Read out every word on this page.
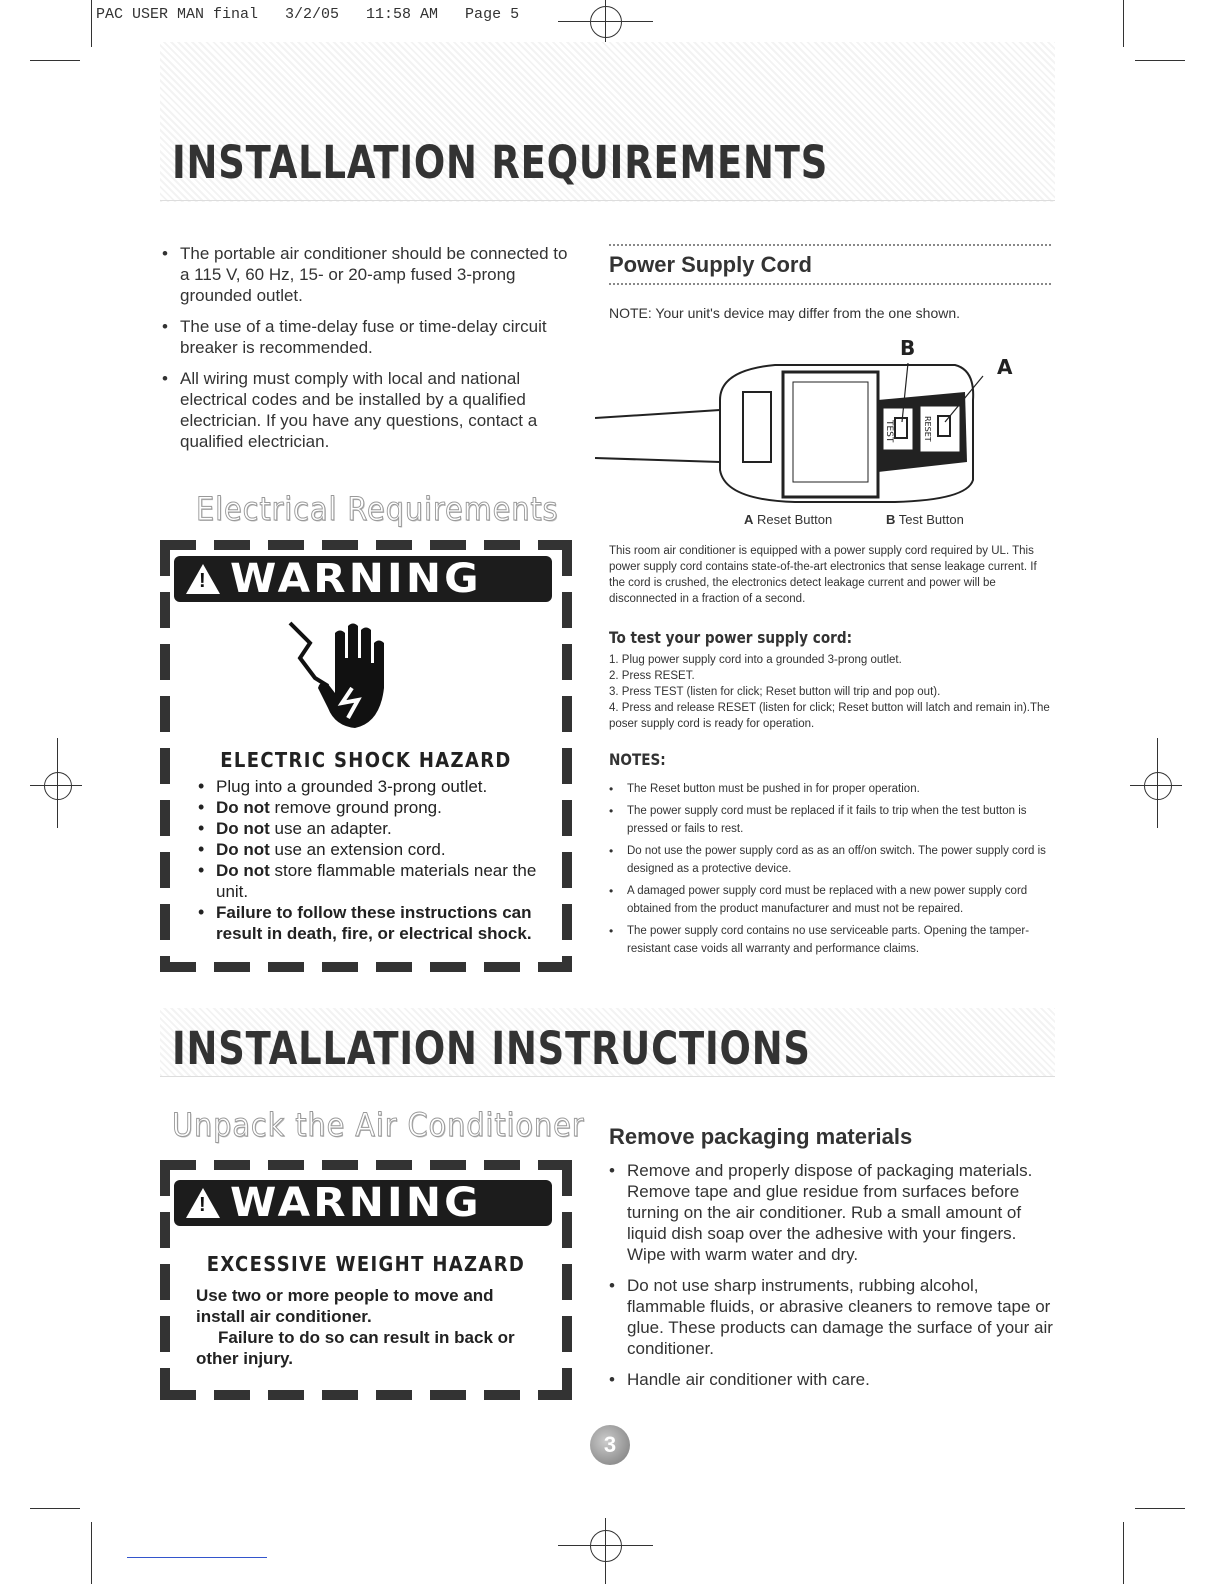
PAC USER MAN final   3/2/05   11:58 AM   Page 5
INSTALLATION REQUIREMENTS
• The portable air conditioner should be connected to a 115 V, 60 Hz, 15- or 20-amp fused 3-prong grounded outlet.
• The use of a time-delay fuse or time-delay circuit breaker is recommended.
• All wiring must comply with local and national electrical codes and be installed by a qualified electrician. If you have any questions, contact a qualified electrician.
Electrical Requirements
! WARNING
ELECTRIC SHOCK HAZARD
• Plug into a grounded 3-prong outlet.
• Do not remove ground prong.
• Do not use an adapter.
• Do not use an extension cord.
• Do not store flammable materials near the unit.
• Failure to follow these instructions can result in death, fire, or electrical shock.
Power Supply Cord
NOTE: Your unit's device may differ from the one shown.
TEST	RESET
B
A
A Reset Button	B Test Button
This room air conditioner is equipped with a power supply cord required by UL. This power supply cord contains state-of-the-art electronics that sense leakage current. If the cord is crushed, the electronics detect leakage current and power will be disconnected in a fraction of a second.
To test your power supply cord:
1. Plug power supply cord into a grounded 3-prong outlet.
2. Press RESET.
3. Press TEST (listen for click; Reset button will trip and pop out).
4. Press and release RESET (listen for click; Reset button will latch and remain in).The poser supply cord is ready for operation.
NOTES:
• The Reset button must be pushed in for proper operation.
• The power supply cord must be replaced if it fails to trip when the test button is pressed or fails to rest.
• Do not use the power supply cord as as an off/on switch. The power supply cord is designed as a protective device.
• A damaged power supply cord must be replaced with a new power supply cord obtained from the product manufacturer and must not be repaired.
• The power supply cord contains no use serviceable parts. Opening the tamper-resistant case voids all warranty and performance claims.
INSTALLATION INSTRUCTIONS
Unpack the Air Conditioner
! WARNING
EXCESSIVE WEIGHT HAZARD
Use two or more people to move and install air conditioner.
Failure to do so can result in back or other injury.
Remove packaging materials
• Remove and properly dispose of packaging materials. Remove tape and glue residue from surfaces before turning on the air conditioner. Rub a small amount of liquid dish soap over the adhesive with your fingers. Wipe with warm water and dry.
• Do not use sharp instruments, rubbing alcohol, flammable fluids, or abrasive cleaners to remove tape or glue. These products can damage the surface of your air conditioner.
• Handle air conditioner with care.
3
